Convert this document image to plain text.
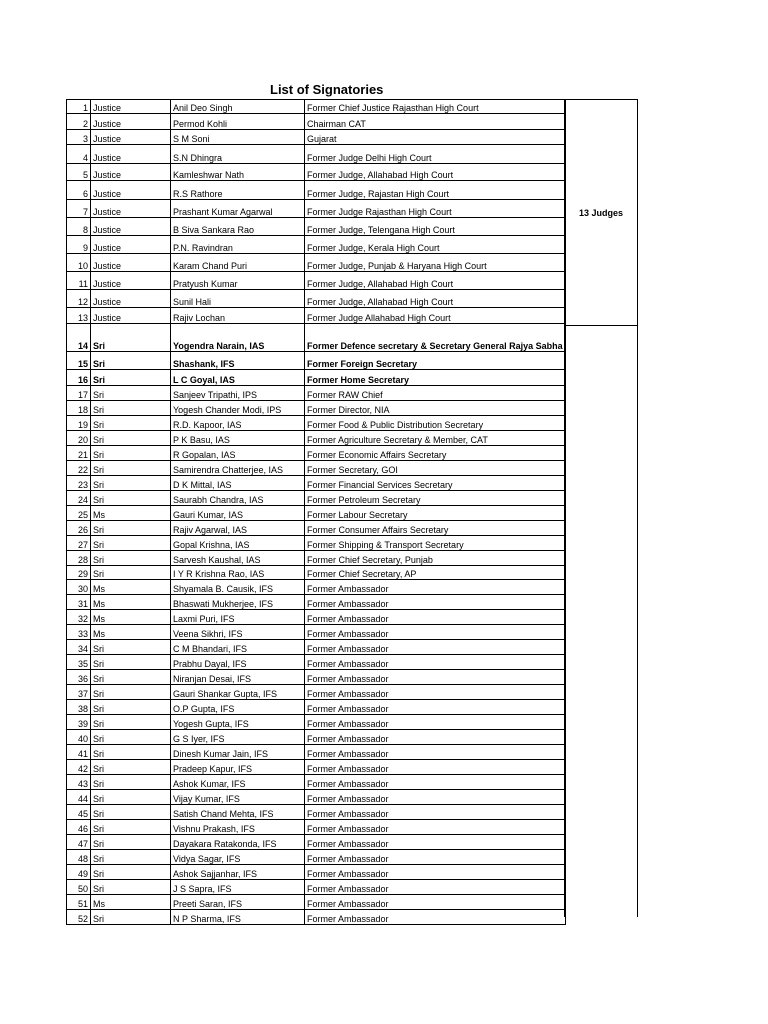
List of Signatories
1	Justice	Anil Deo Singh	Former Chief Justice Rajasthan High Court
2	Justice	Permod Kohli	Chairman CAT
3	Justice	S M Soni	Gujarat
4	Justice	S.N Dhingra	Former Judge Delhi High Court
5	Justice	Kamleshwar Nath	Former Judge, Allahabad High Court
6	Justice	R.S Rathore	Former Judge, Rajastan High Court
7	Justice	Prashant Kumar Agarwal	Former Judge Rajasthan High Court
8	Justice	B Siva Sankara Rao	Former Judge, Telengana High Court
9	Justice	P.N. Ravindran	Former Judge, Kerala High Court
10	Justice	Karam Chand Puri	Former Judge, Punjab & Haryana High Court
11	Justice	Pratyush Kumar	Former Judge, Allahabad High Court
12	Justice	Sunil Hali	Former Judge, Allahabad High Court
13	Justice	Rajiv Lochan	Former Judge Allahabad High Court
14	Sri	Yogendra Narain, IAS	Former Defence secretary & Secretary General Rajya Sabha
15	Sri	Shashank, IFS	Former Foreign Secretary
16	Sri	L C Goyal, IAS	Former Home Secretary
17	Sri	Sanjeev Tripathi, IPS	Former RAW Chief
18	Sri	Yogesh Chander Modi, IPS	Former Director, NIA
19	Sri	R.D. Kapoor, IAS	Former Food & Public Distribution Secretary
20	Sri	P K Basu, IAS	Former Agriculture Secretary & Member, CAT
21	Sri	R Gopalan, IAS	Former Economic Affairs Secretary
22	Sri	Samirendra Chatterjee, IAS	Former Secretary, GOI
23	Sri	D K Mittal, IAS	Former Financial Services Secretary
24	Sri	Saurabh Chandra, IAS	Former Petroleum Secretary
25	Ms	Gauri Kumar, IAS	Former Labour Secretary
26	Sri	Rajiv Agarwal, IAS	Former Consumer Affairs Secretary
27	Sri	Gopal Krishna, IAS	Former Shipping & Transport Secretary
28	Sri	Sarvesh Kaushal, IAS	Former Chief Secretary, Punjab
29	Sri	I Y R Krishna Rao, IAS	Former Chief Secretary, AP
30	Ms	Shyamala B. Causik, IFS	Former Ambassador
31	Ms	Bhaswati Mukherjee, IFS	Former Ambassador
32	Ms	Laxmi Puri, IFS	Former Ambassador
33	Ms	Veena Sikhri, IFS	Former Ambassador
34	Sri	C M Bhandari, IFS	Former Ambassador
35	Sri	Prabhu Dayal, IFS	Former Ambassador
36	Sri	Niranjan Desai, IFS	Former Ambassador
37	Sri	Gauri Shankar Gupta, IFS	Former Ambassador
38	Sri	O.P Gupta, IFS	Former Ambassador
39	Sri	Yogesh Gupta, IFS	Former Ambassador
40	Sri	G S Iyer, IFS	Former Ambassador
41	Sri	Dinesh Kumar Jain, IFS	Former Ambassador
42	Sri	Pradeep Kapur, IFS	Former Ambassador
43	Sri	Ashok Kumar, IFS	Former Ambassador
44	Sri	Vijay Kumar, IFS	Former Ambassador
45	Sri	Satish Chand Mehta, IFS	Former Ambassador
46	Sri	Vishnu Prakash, IFS	Former Ambassador
47	Sri	Dayakara Ratakonda, IFS	Former Ambassador
48	Sri	Vidya Sagar, IFS	Former Ambassador
49	Sri	Ashok Sajjanhar, IFS	Former Ambassador
50	Sri	J S Sapra, IFS	Former Ambassador
51	Ms	Preeti Saran, IFS	Former Ambassador
52	Sri	N P Sharma, IFS	Former Ambassador
13 Judges
